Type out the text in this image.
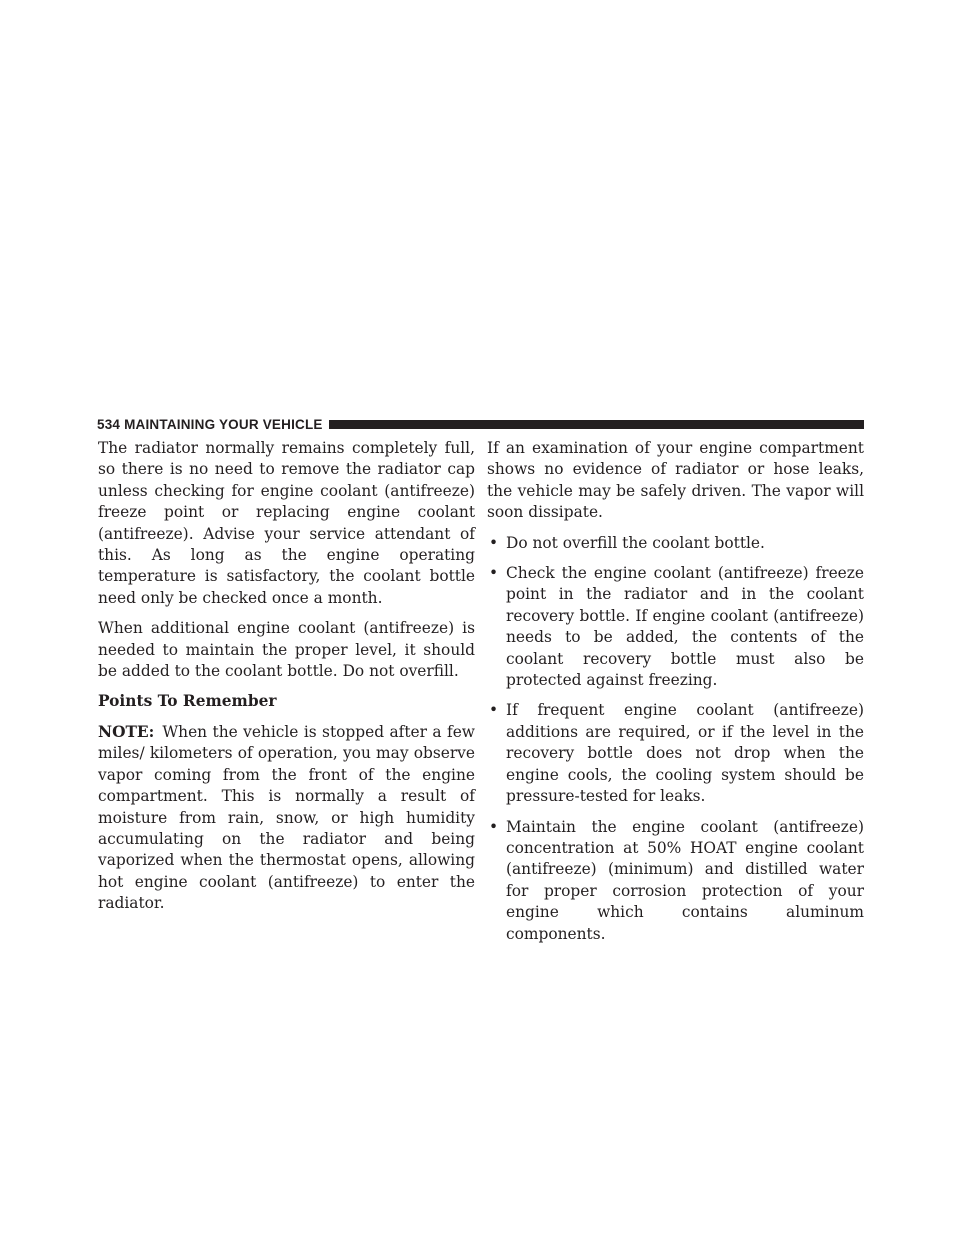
534 MAINTAINING YOUR VEHICLE

The radiator normally remains completely full, so there is no need to remove the radiator cap unless checking for engine coolant (antifreeze) freeze point or replacing engine coolant (antifreeze). Advise your service attendant of this. As long as the engine operating temperature is satisfactory, the coolant bottle need only be checked once a month.

When additional engine coolant (antifreeze) is needed to maintain the proper level, it should be added to the coolant bottle. Do not overfill.

Points To Remember

NOTE: When the vehicle is stopped after a few miles/ kilometers of operation, you may observe vapor coming from the front of the engine compartment. This is normally a result of moisture from rain, snow, or high humidity accumulating on the radiator and being vaporized when the thermostat opens, allowing hot engine coolant (antifreeze) to enter the radiator.

If an examination of your engine compartment shows no evidence of radiator or hose leaks, the vehicle may be safely driven. The vapor will soon dissipate.

• Do not overfill the coolant bottle.
• Check the engine coolant (antifreeze) freeze point in the radiator and in the coolant recovery bottle. If engine coolant (antifreeze) needs to be added, the contents of the coolant recovery bottle must also be protected against freezing.
• If frequent engine coolant (antifreeze) additions are required, or if the level in the recovery bottle does not drop when the engine cools, the cooling system should be pressure-tested for leaks.
• Maintain the engine coolant (antifreeze) concentration at 50% HOAT engine coolant (antifreeze) (minimum) and distilled water for proper corrosion protection of your engine which contains aluminum components.
